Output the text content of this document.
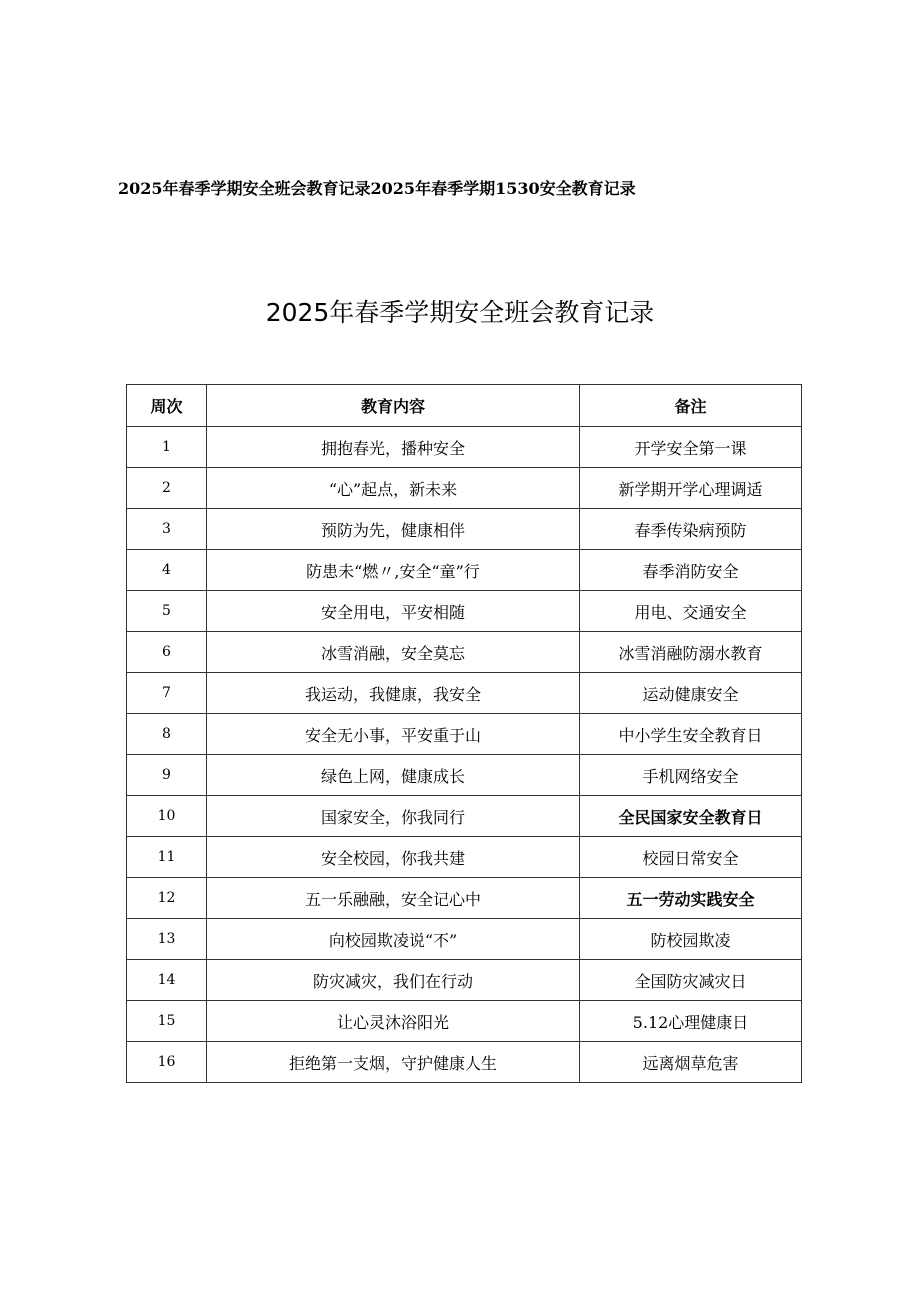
2025年春季学期安全班会教育记录2025年春季学期1530安全教育记录
2025年春季学期安全班会教育记录
周次	教育内容	备注
1	拥抱春光，播种安全	开学安全第一课
2	“心”起点，新未来	新学期开学心理调适
3	预防为先，健康相伴	春季传染病预防
4	防患未“燃〃,安全“童”行	春季消防安全
5	安全用电，平安相随	用电、交通安全
6	冰雪消融，安全莫忘	冰雪消融防溺水教育
7	我运动，我健康，我安全	运动健康安全
8	安全无小事，平安重于山	中小学生安全教育日
9	绿色上网，健康成长	手机网络安全
10	国家安全，你我同行	全民国家安全教育日
11	安全校园，你我共建	校园日常安全
12	五一乐融融，安全记心中	五一劳动实践安全
13	向校园欺凌说“不”	防校园欺凌
14	防灾减灾，我们在行动	全国防灾减灾日
15	让心灵沐浴阳光	5.12心理健康日
16	拒绝第一支烟，守护健康人生	远离烟草危害
